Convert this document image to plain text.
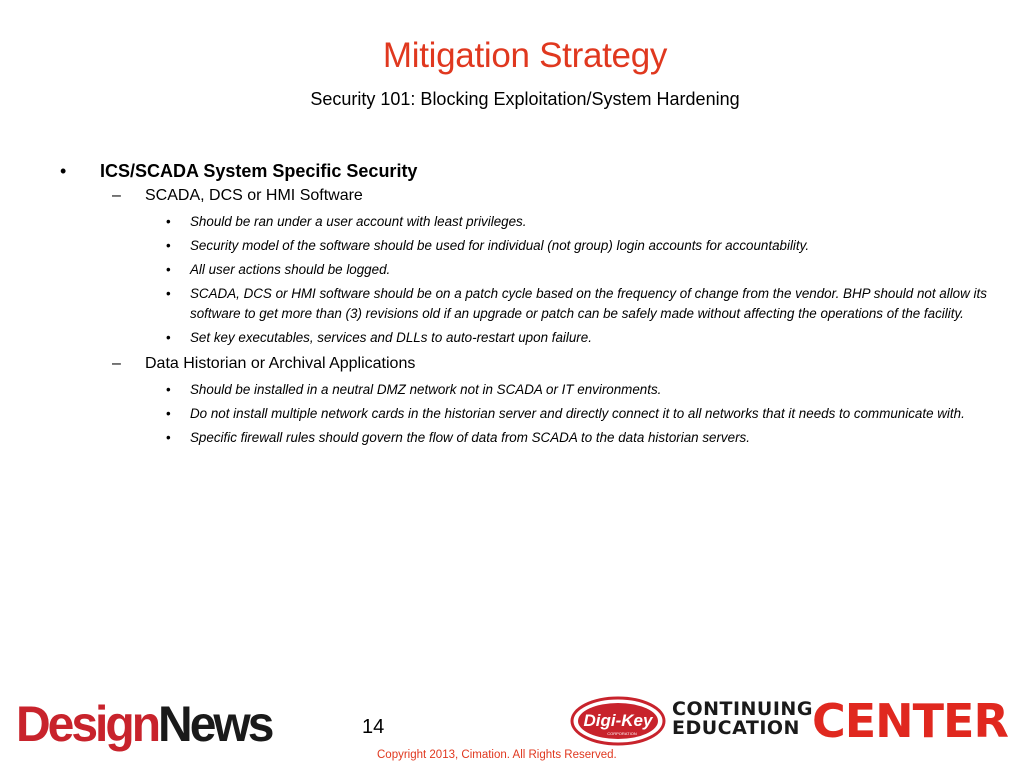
Mitigation Strategy
Security 101: Blocking Exploitation/System Hardening
• ICS/SCADA System Specific Security
– SCADA, DCS or HMI Software
• Should be ran under a user account with least privileges.
• Security model of the software should be used for individual (not group) login accounts for accountability.
• All user actions should be logged.
• SCADA, DCS or HMI software should be on a patch cycle based on the frequency of change from the vendor. BHP should not allow its software to get more than (3) revisions old if an upgrade or patch can be safely made without affecting the operations of the facility.
• Set key executables, services and DLLs to auto-restart upon failure.
– Data Historian or Archival Applications
• Should be installed in a neutral DMZ network not in SCADA or IT environments.
• Do not install multiple network cards in the historian server and directly connect it to all networks that it needs to communicate with.
• Specific firewall rules should govern the flow of data from SCADA to the data historian servers.
DesignNews	14	Digi-Key
CORPORATION
CONTINUING
EDUCATION CENTER
Copyright 2013, Cimation. All Rights Reserved.
